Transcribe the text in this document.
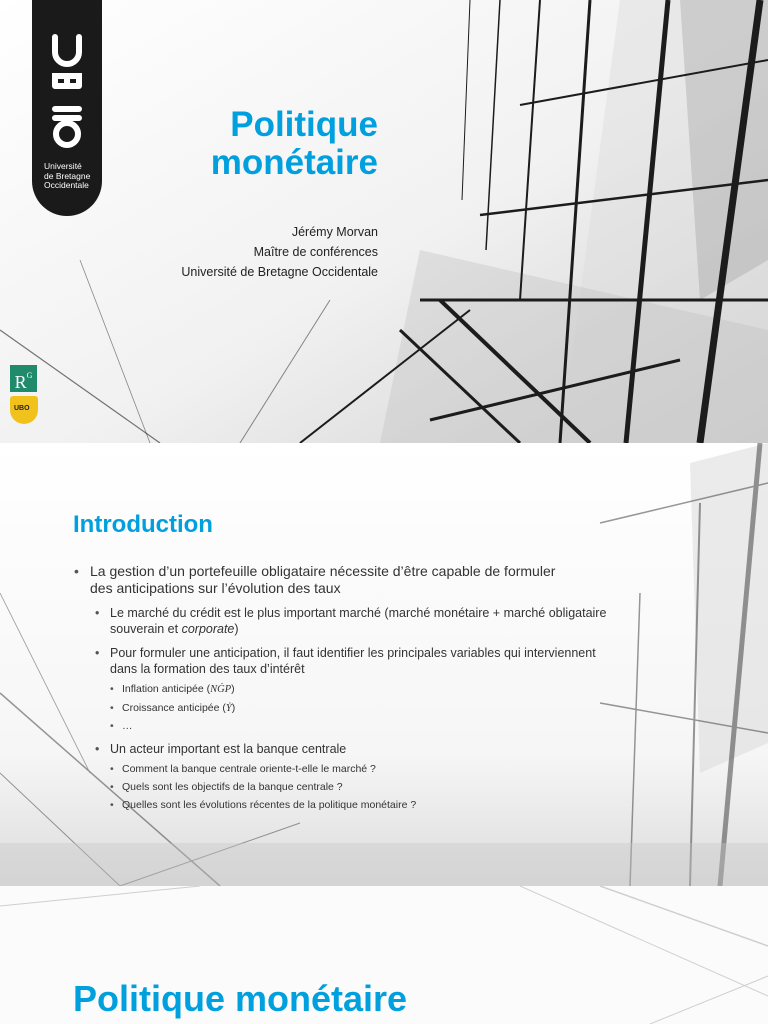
Université
de Bretagne
Occidentale
Politique
monétaire
Jérémy Morvan
Maître de conférences
Université de Bretagne Occidentale
$R^G$
UBO
Introduction
• La gestion d’un portefeuille obligataire nécessite d’être capable de formuler des anticipations sur l’évolution des taux
• Le marché du crédit est le plus important marché (marché monétaire + marché obligataire souverain et corporate)
• Pour formuler une anticipation, il faut identifier les principales variables qui interviennent dans la formation des taux d’intérêt
• Inflation anticipée (NĠP)
• Croissance anticipée (Ẏ)
• …
• Un acteur important est la banque centrale
• Comment la banque centrale oriente-t-elle le marché ?
• Quels sont les objectifs de la banque centrale ?
• Quelles sont les évolutions récentes de la politique monétaire ?
Politique monétaire
